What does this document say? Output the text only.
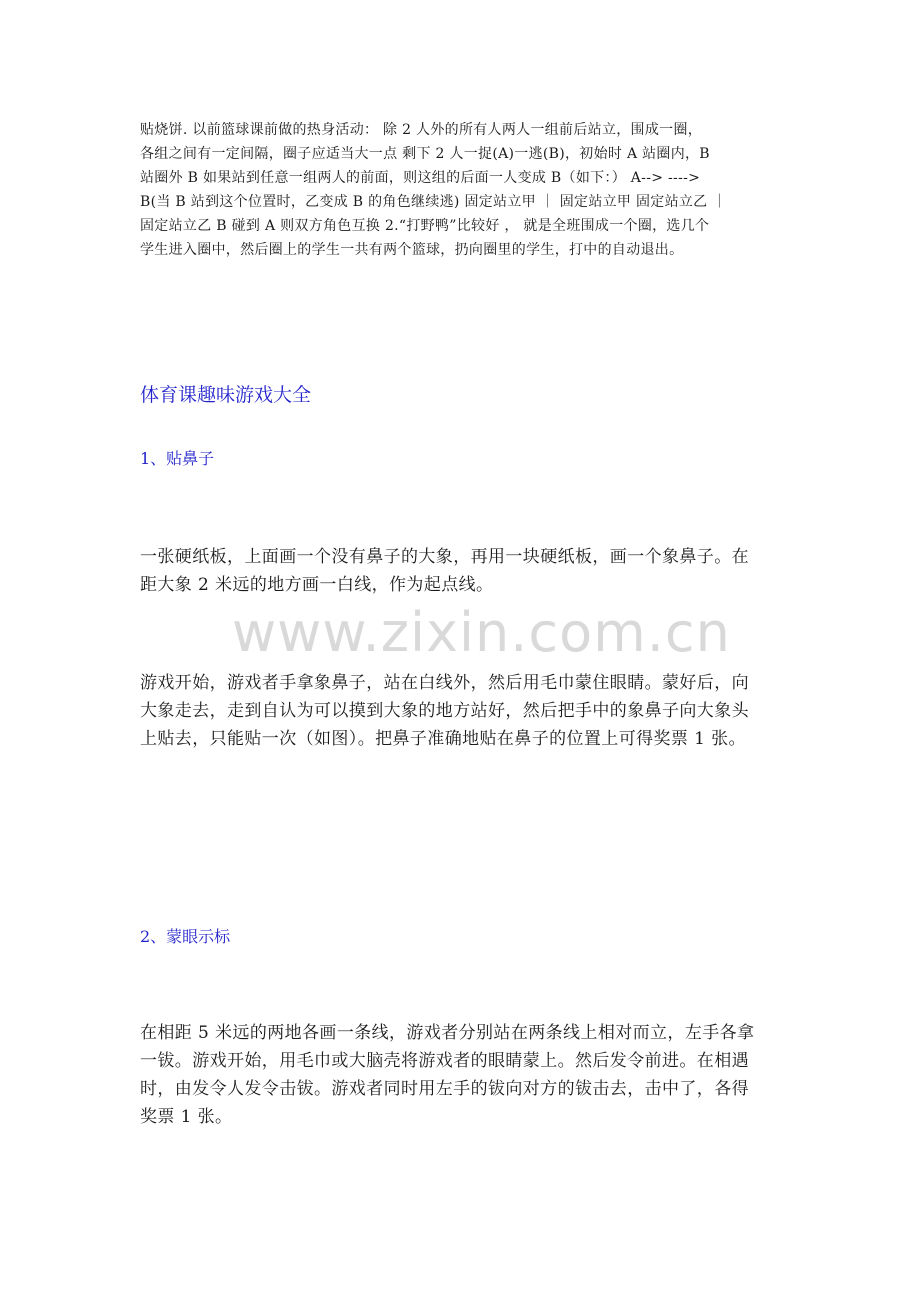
贴烧饼. 以前篮球课前做的热身活动： 除 2 人外的所有人两人一组前后站立，围成一圈，
各组之间有一定间隔，圈子应适当大一点 剩下 2 人一捉(A)一逃(B)，初始时 A 站圈内，B
站圈外 B 如果站到任意一组两人的前面，则这组的后面一人变成 B（如下：） A--> ---->
B(当 B 站到这个位置时，乙变成 B 的角色继续逃) 固定站立甲 ｜ 固定站立甲 固定站立乙 ｜
固定站立乙 B 碰到 A 则双方角色互换 2.“打野鸭”比较好 ， 就是全班围成一个圈，选几个
学生进入圈中，然后圈上的学生一共有两个篮球，扔向圈里的学生，打中的自动退出。
体育课趣味游戏大全
1、贴鼻子
一张硬纸板，上面画一个没有鼻子的大象，再用一块硬纸板，画一个象鼻子。在
距大象 2 米远的地方画一白线，作为起点线。
www.zixin.com.cn
游戏开始，游戏者手拿象鼻子，站在白线外，然后用毛巾蒙住眼睛。蒙好后，向
大象走去，走到自认为可以摸到大象的地方站好，然后把手中的象鼻子向大象头
上贴去，只能贴一次（如图）。把鼻子准确地贴在鼻子的位置上可得奖票 1 张。
2、蒙眼示标
在相距 5 米远的两地各画一条线，游戏者分别站在两条线上相对而立，左手各拿
一钹。游戏开始，用毛巾或大脑壳将游戏者的眼睛蒙上。然后发令前进。在相遇
时，由发令人发令击钹。游戏者同时用左手的钹向对方的钹击去，击中了，各得
奖票 1 张。
